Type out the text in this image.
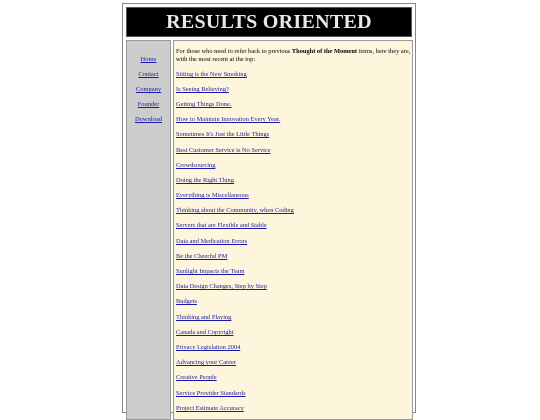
RESULTS ORIENTED
Home
Contact
Company
Founder
Download
For those who need to refer back to previous Thought of the Moment items, here they are, with the most recent at the top:
Sitting is the New Smoking
Is Seeing Believing?
Getting Things Done.
How to Maintain Innovation Every Year.
Sometimes It's Just the Little Things
Best Customer Service is No Service
Crowdsourcing
Doing the Right Thing
Everything is Miscellaneous
Thinking about the Community, when Coding
Servers that are Flexible and Stable
Data and Medication Errors
Be the Cheerful PM
Sunlight Impacts the Team
Data Design Changes, Step by Step
Budgets
Thinking and Playing
Canada and Copyright
Privacy Legislation 2004
Advancing your Career
Creative People
Service Provider Standards
Project Estimate Accuracy
